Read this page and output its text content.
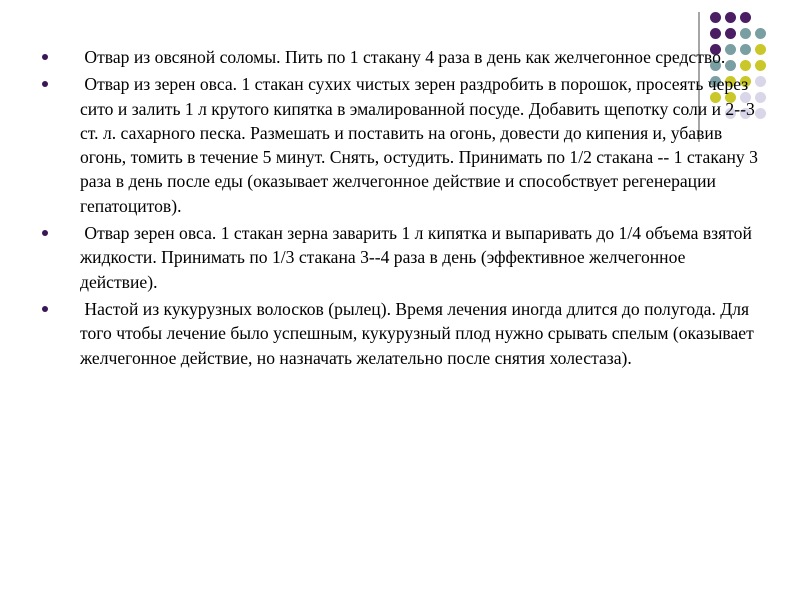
Отвар из овсяной соломы. Пить по 1 стакану 4 раза в день как желчегонное средство.
Отвар из зерен овса. 1 стакан сухих чистых зерен раздробить в порошок, просеять через сито и залить 1 л крутого кипятка в эмалированной посуде. Добавить щепотку соли и 2--3 ст. л. сахарного песка. Размешать и поставить на огонь, довести до кипения и, убавив огонь, томить в течение 5 минут. Снять, остудить. Принимать по 1/2 стакана -- 1 стакану 3 раза в день после еды (оказывает желчегонное действие и способствует регенерации гепатоцитов).
Отвар зерен овса. 1 стакан зерна заварить 1 л кипятка и выпаривать до 1/4 объема взятой жидкости. Принимать по 1/3 стакана 3--4 раза в день (эффективное желчегонное действие).
Настой из кукурузных волосков (рылец). Время лечения иногда длится до полугода. Для того чтобы лечение было успешным, кукурузный плод нужно срывать спелым (оказывает желчегонное действие, но назначать желательно после снятия холестаза).
